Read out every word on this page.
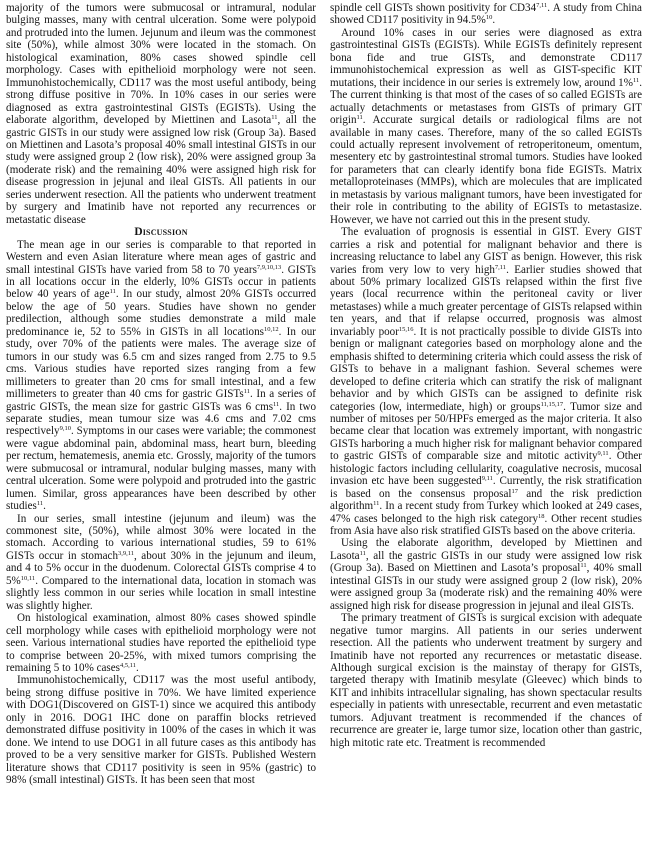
majority of the tumors were submucosal or intramural, nodular bulging masses, many with central ulceration. Some were polypoid and protruded into the lumen. Jejunum and ileum was the commonest site (50%), while almost 30% were located in the stomach. On histological examination, 80% cases showed spindle cell morphology. Cases with epithelioid morphology were not seen. Immunohistochemically, CD117 was the most useful antibody, being strong diffuse positive in 70%. In 10% cases in our series were diagnosed as extra gastrointestinal GISTs (EGISTs). Using the elaborate algorithm, developed by Miettinen and Lasota$^{11}$, all the gastric GISTs in our study were assigned low risk (Group 3a). Based on Miettinen and Lasota’s proposal 40% small intestinal GISTs in our study were assigned group 2 (low risk), 20% were assigned group 3a (moderate risk) and the remaining 40% were assigned high risk for disease progression in jejunal and ileal GISTs. All patients in our series underwent resection. All the patients who underwent treatment by surgery and Imatinib have not reported any recurrences or metastatic disease

Discussion

The mean age in our series is comparable to that reported in Western and even Asian literature where mean ages of gastric and small intestinal GISTs have varied from 58 to 70 years$^{7,9,10,13}$. GISTs in all locations occur in the elderly, l0% GISTs occur in patients below 40 years of age$^{11}$. In our study, almost 20% GISTs occurred below the age of 50 years. Studies have shown no gender predilection, although some studies demonstrate a mild male predominance ie, 52 to 55% in GISTs in all locations$^{10,12}$. In our study, over 70% of the patients were males. The average size of tumors in our study was 6.5 cm and sizes ranged from 2.75 to 9.5 cms. Various studies have reported sizes ranging from a few millimeters to greater than 20 cms for small intestinal, and a few millimeters to greater than 40 cms for gastric GISTs$^{11}$. In a series of gastric GISTs, the mean size for gastric GISTs was 6 cms$^{11}$. In two separate studies, mean tumour size was 4.6 cms and 7.02 cms respectively$^{9,10}$. Symptoms in our cases were variable; the commonest were vague abdominal pain, abdominal mass, heart burn, bleeding per rectum, hematemesis, anemia etc. Grossly, majority of the tumors were submucosal or intramural, nodular bulging masses, many with central ulceration. Some were polypoid and protruded into the gastric lumen. Similar, gross appearances have been described by other studies$^{11}$.

In our series, small intestine (jejunum and ileum) was the commonest site, (50%), while almost 30% were located in the stomach. According to various international studies, 59 to 61% GISTs occur in stomach$^{3,9,11}$, about 30% in the jejunum and ileum, and 4 to 5% occur in the duodenum. Colorectal GISTs comprise 4 to 5%$^{10,11}$. Compared to the international data, location in stomach was slightly less common in our series while location in small intestine was slightly higher.

On histological examination, almost 80% cases showed spindle cell morphology while cases with epithelioid morphology were not seen. Various international studies have reported the epithelioid type to comprise between 20-25%, with mixed tumors comprising the remaining 5 to 10% cases$^{4,5,11}$.

Immunohistochemically, CD117 was the most useful antibody, being strong diffuse positive in 70%. We have limited experience with DOG1(Discovered on GIST-1) since we acquired this antibody only in 2016. DOG1 IHC done on paraffin blocks retrieved demonstrated diffuse positivity in 100% of the cases in which it was done. We intend to use DOG1 in all future cases as this antibody has proved to be a very sensitive marker for GISTs. Published Western literature shows that CD117 positivity is seen in 95% (gastric) to 98% (small intestinal) GISTs. It has been seen that most

spindle cell GISTs shown positivity for CD34$^{7,11}$. A study from China showed CD117 positivity in 94.5%$^{10}$.

Around 10% cases in our series were diagnosed as extra gastrointestinal GISTs (EGISTs). While EGISTs definitely represent bona fide and true GISTs, and demonstrate CD117 immunohistochemical expression as well as GIST-specific KIT mutations, their incidence in our series is extremely low, around 1%$^{11}$. The current thinking is that most of the cases of so called EGISTs are actually detachments or metastases from GISTs of primary GIT origin$^{11}$. Accurate surgical details or radiological films are not available in many cases. Therefore, many of the so called EGISTs could actually represent involvement of retroperitoneum, omentum, mesentery etc by gastrointestinal stromal tumors. Studies have looked for parameters that can clearly identify bona fide EGISTs. Matrix metalloproteinases (MMPs), which are molecules that are implicated in metastasis by various malignant tumors, have been investigated for their role in contributing to the ability of EGISTs to metastasize. However, we have not carried out this in the present study.

The evaluation of prognosis is essential in GIST. Every GIST carries a risk and potential for malignant behavior and there is increasing reluctance to label any GIST as benign. However, this risk varies from very low to very high$^{7,11}$. Earlier studies showed that about 50% primary localized GISTs relapsed within the first five years (local recurrence within the peritoneal cavity or liver metastases) while a much greater percentage of GISTs relapsed within ten years, and that if relapse occurred, prognosis was almost invariably poor$^{15,16}$. It is not practically possible to divide GISTs into benign or malignant categories based on morphology alone and the emphasis shifted to determining criteria which could assess the risk of GISTs to behave in a malignant fashion. Several schemes were developed to define criteria which can stratify the risk of malignant behavior and by which GISTs can be assigned to definite risk categories (low, intermediate, high) or groups$^{11,15,17}$. Tumor size and number of mitoses per 50/HPFs emerged as the major criteria. It also became clear that location was extremely important, with nongastric GISTs harboring a much higher risk for malignant behavior compared to gastric GISTs of comparable size and mitotic activity$^{9,11}$. Other histologic factors including cellularity, coagulative necrosis, mucosal invasion etc have been suggested$^{9,11}$. Currently, the risk stratification is based on the consensus proposal$^{17}$ and the risk prediction algorithm$^{11}$. In a recent study from Turkey which looked at 249 cases, 47% cases belonged to the high risk category$^{18}$. Other recent studies from Asia have also risk stratified GISTs based on the above criteria.

Using the elaborate algorithm, developed by Miettinen and Lasota$^{11}$, all the gastric GISTs in our study were assigned low risk (Group 3a). Based on Miettinen and Lasota’s proposal$^{11}$, 40% small intestinal GISTs in our study were assigned group 2 (low risk), 20% were assigned group 3a (moderate risk) and the remaining 40% were assigned high risk for disease progression in jejunal and ileal GISTs.

The primary treatment of GISTs is surgical excision with adequate negative tumor margins. All patients in our series underwent resection. All the patients who underwent treatment by surgery and Imatinib have not reported any recurrences or metastatic disease. Although surgical excision is the mainstay of therapy for GISTs, targeted therapy with Imatinib mesylate (Gleevec) which binds to KIT and inhibits intracellular signaling, has shown spectacular results especially in patients with unresectable, recurrent and even metastatic tumors. Adjuvant treatment is recommended if the chances of recurrence are greater ie, large tumor size, location other than gastric, high mitotic rate etc. Treatment is recommended
